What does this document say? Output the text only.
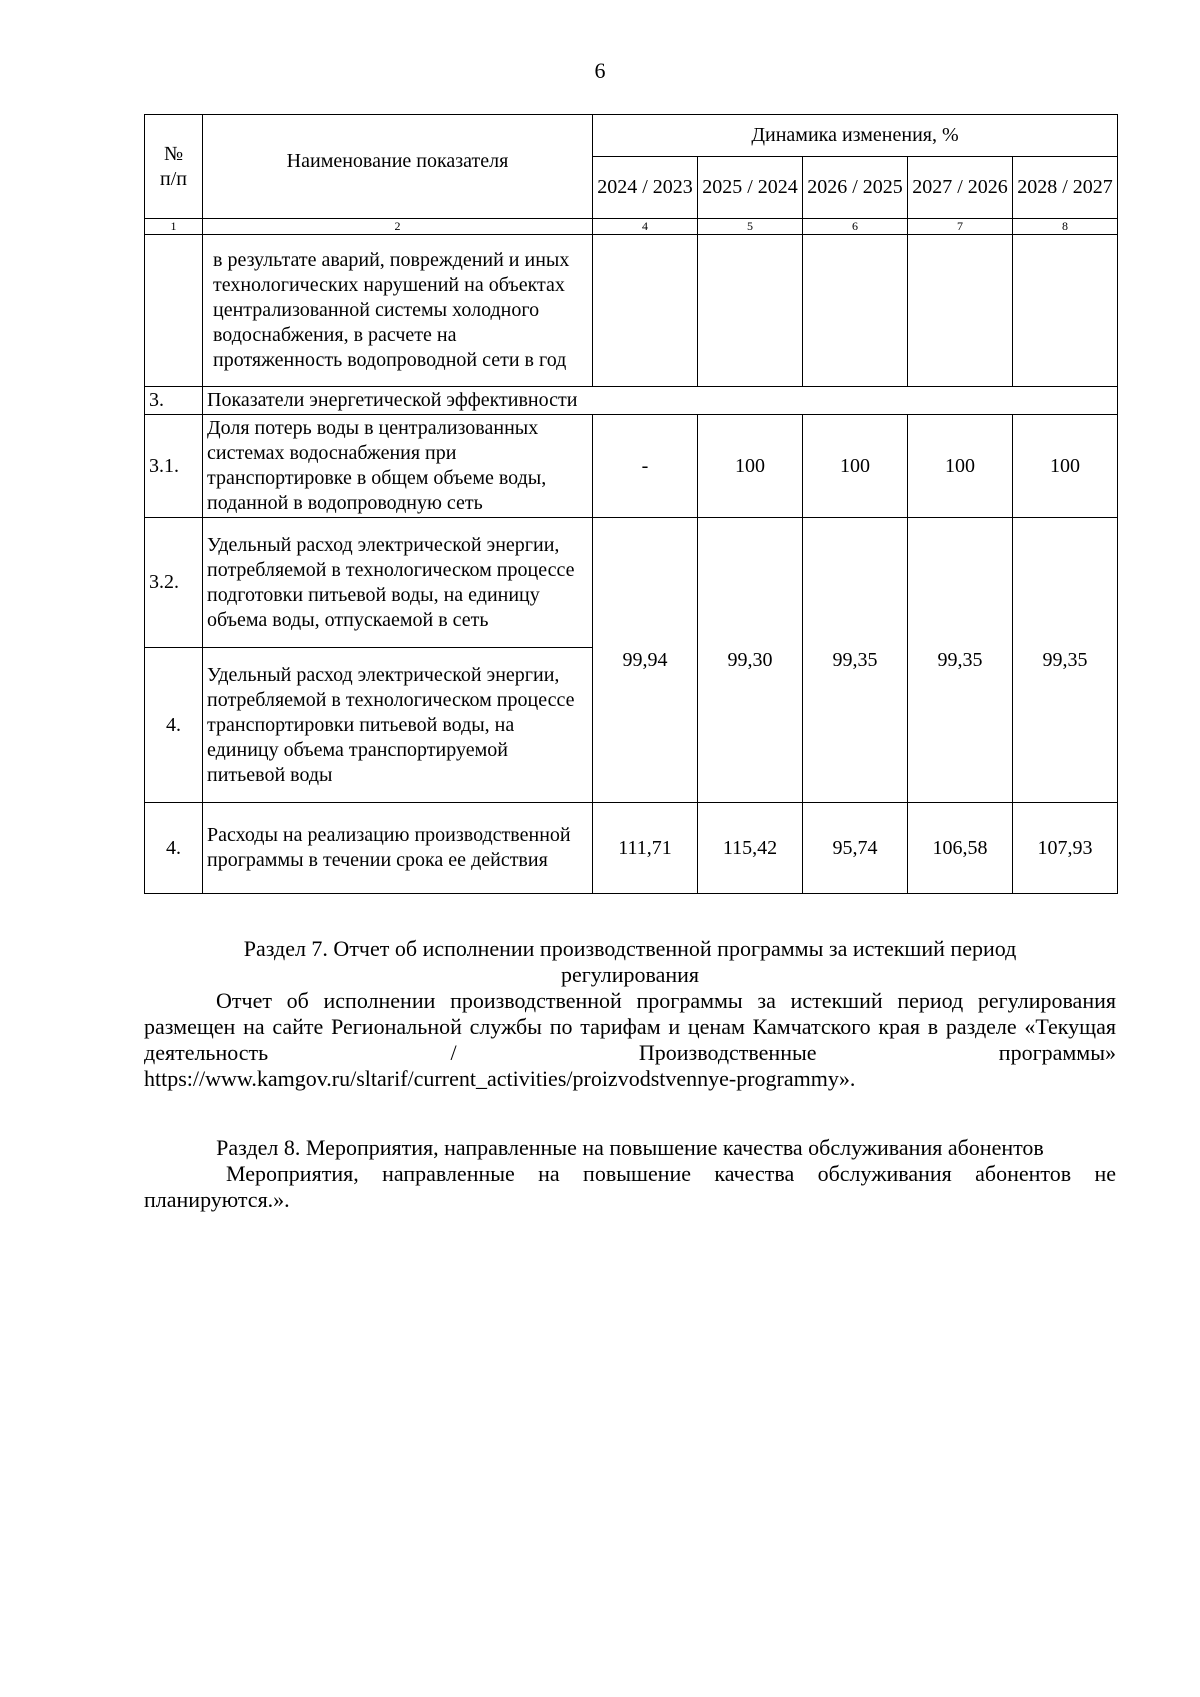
6
№ п/п	Наименование показателя	Динамика изменения, %				
		2024 / 2023	2025 / 2024	2026 / 2025	2027 / 2026	2028 / 2027
1	2	4	5	6	7	8
	в результате аварий, повреждений и иных технологических нарушений на объектах централизованной системы холодного водоснабжения, в расчете на протяженность водопроводной сети в год					
3.	Показатели энергетической эффективности					
3.1.	Доля потерь воды в централизованных системах водоснабжения при транспортировке в общем объеме воды, поданной в водопроводную сеть	-	100	100	100	100
3.2.	Удельный расход электрической энергии, потребляемой в технологическом процессе подготовки питьевой воды, на единицу объема воды, отпускаемой в сеть	99,94	99,30	99,35	99,35	99,35
4.	Удельный расход электрической энергии, потребляемой в технологическом процессе транспортировки питьевой воды, на единицу объема транспортируемой питьевой воды					
4.	Расходы на реализацию производственной программы в течении срока ее действия	111,71	115,42	95,74	106,58	107,93
Раздел 7. Отчет об исполнении производственной программы за истекший период регулирования
Отчет об исполнении производственной программы за истекший период регулирования размещен на сайте Региональной службы по тарифам и ценам Камчатского края в разделе «Текущая деятельность / Производственные программы» https://www.kamgov.ru/sltarif/current_activities/proizvodstvennye-programmy».
Раздел 8. Мероприятия, направленные на повышение качества обслуживания абонентов
Мероприятия, направленные на повышение качества обслуживания абонентов не планируются.».
